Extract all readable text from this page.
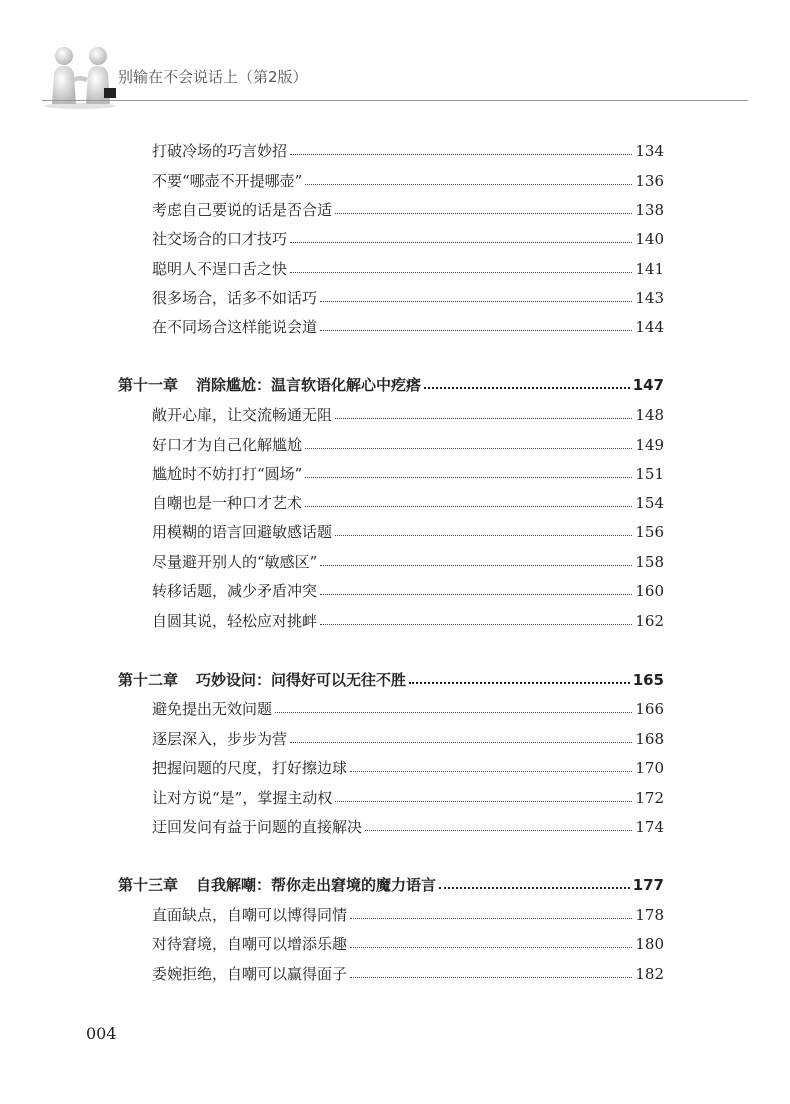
别输在不会说话上（第2版）
打破冷场的巧言妙招	134
不要“哪壶不开提哪壶”	136
考虑自己要说的话是否合适	138
社交场合的口才技巧	140
聪明人不逞口舌之快	141
很多场合，话多不如话巧	143
在不同场合这样能说会道	144
第十一章 消除尴尬：温言软语化解心中疙瘩	147
敞开心扉，让交流畅通无阻	148
好口才为自己化解尴尬	149
尴尬时不妨打打“圆场”	151
自嘲也是一种口才艺术	154
用模糊的语言回避敏感话题	156
尽量避开别人的“敏感区”	158
转移话题，减少矛盾冲突	160
自圆其说，轻松应对挑衅	162
第十二章 巧妙设问：问得好可以无往不胜	165
避免提出无效问题	166
逐层深入，步步为营	168
把握问题的尺度，打好擦边球	170
让对方说“是”，掌握主动权	172
迂回发问有益于问题的直接解决	174
第十三章 自我解嘲：帮你走出窘境的魔力语言	177
直面缺点，自嘲可以博得同情	178
对待窘境，自嘲可以增添乐趣	180
委婉拒绝，自嘲可以赢得面子	182
004
